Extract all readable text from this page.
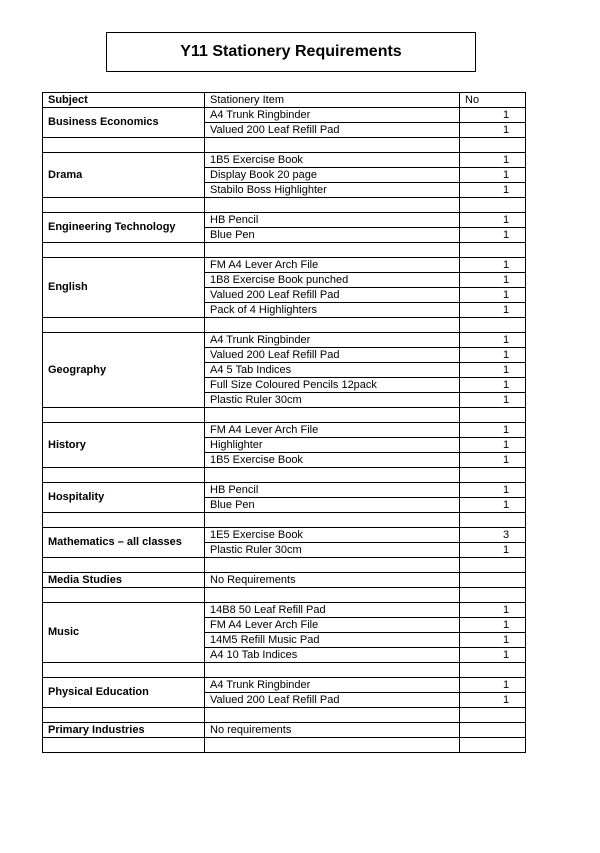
Y11 Stationery Requirements
Subject	Stationery Item	No
Business Economics	A4 Trunk Ringbinder	1
	Valued 200 Leaf Refill Pad	1

Drama	1B5 Exercise Book	1
	Display Book 20 page	1
	Stabilo Boss Highlighter	1

Engineering Technology	HB Pencil	1
	Blue Pen	1

English	FM A4 Lever Arch File	1
	1B8 Exercise Book punched	1
	Valued 200 Leaf Refill Pad	1
	Pack of 4 Highlighters	1

Geography	A4 Trunk Ringbinder	1
	Valued 200 Leaf Refill Pad	1
	A4 5 Tab Indices	1
	Full Size Coloured Pencils 12pack	1
	Plastic Ruler 30cm	1

History	FM A4 Lever Arch File	1
	Highlighter	1
	1B5 Exercise Book	1

Hospitality	HB Pencil	1
	Blue Pen	1

Mathematics – all classes	1E5 Exercise Book	3
	Plastic Ruler 30cm	1

Media Studies	No Requirements	

Music	14B8 50 Leaf Refill Pad	1
	FM A4 Lever Arch File	1
	14M5 Refill Music Pad	1
	A4 10 Tab Indices	1

Physical Education	A4 Trunk Ringbinder	1
	Valued 200 Leaf Refill Pad	1

Primary Industries	No requirements	
